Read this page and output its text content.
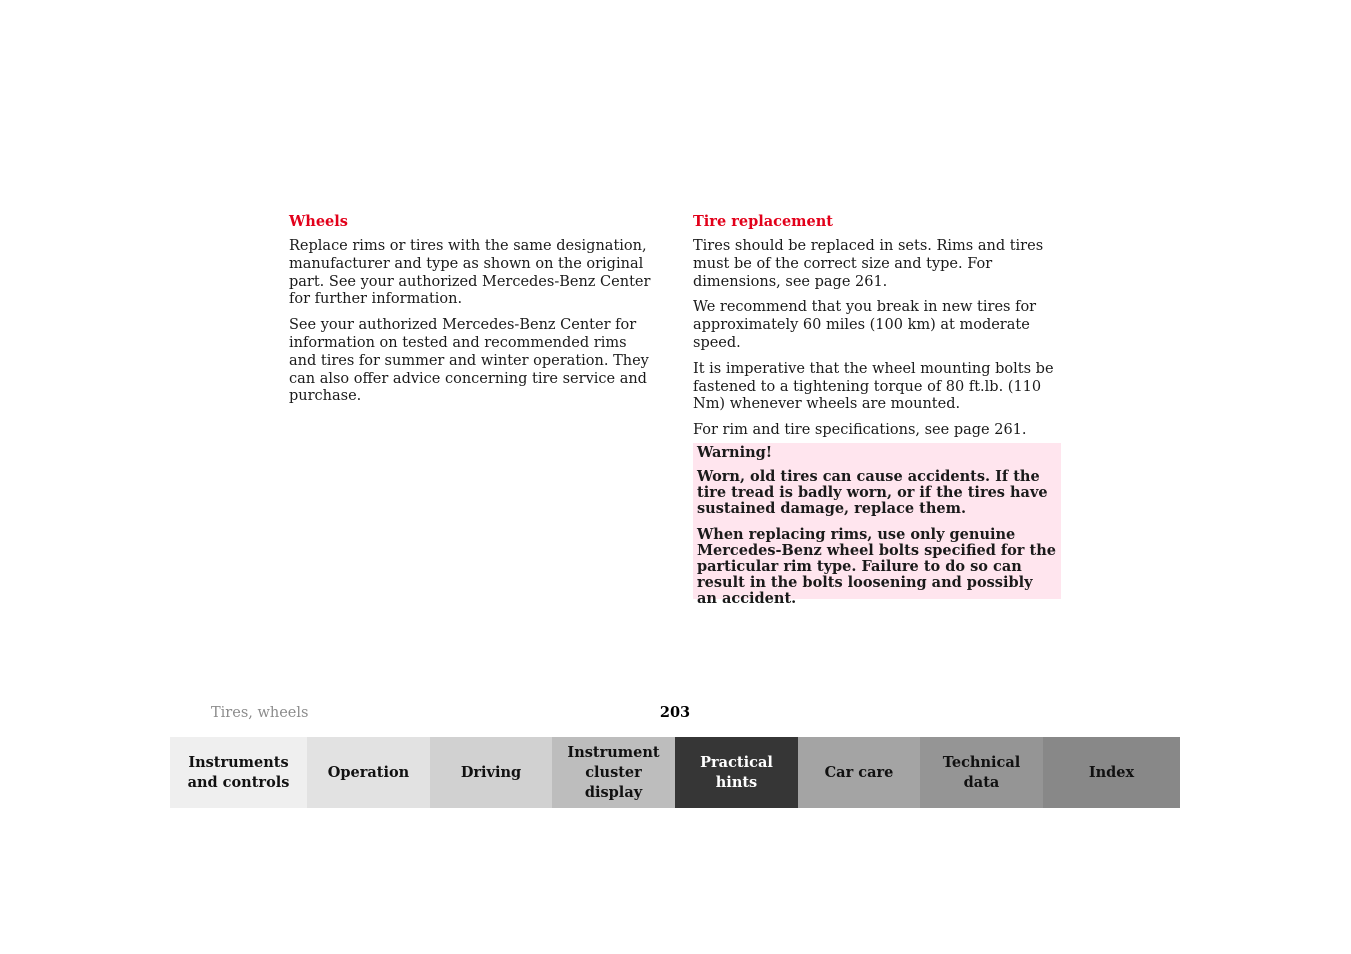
Wheels

Replace rims or tires with the same designation, manufacturer and type as shown on the original part. See your authorized Mercedes-Benz Center for further information.

See your authorized Mercedes-Benz Center for information on tested and recommended rims and tires for summer and winter operation. They can also offer advice concerning tire service and purchase.

Tire replacement

Tires should be replaced in sets. Rims and tires must be of the correct size and type. For dimensions, see page 261.

We recommend that you break in new tires for approximately 60 miles (100 km) at moderate speed.

It is imperative that the wheel mounting bolts be fastened to a tightening torque of 80 ft.lb. (110 Nm) whenever wheels are mounted.

For rim and tire specifications, see page 261.

Warning!

Worn, old tires can cause accidents. If the tire tread is badly worn, or if the tires have sustained damage, replace them.

When replacing rims, use only genuine Mercedes-Benz wheel bolts specified for the particular rim type. Failure to do so can result in the bolts loosening and possibly an accident.

Tires, wheels	203
Instruments
and controls
Operation	Driving
Instrument
cluster display
Practical hints
Car care
Technical
data
Index
